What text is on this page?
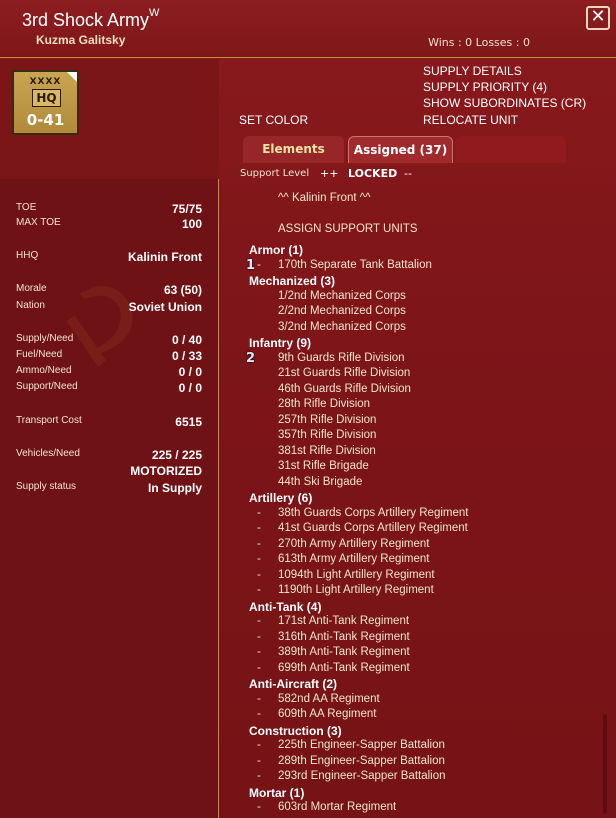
3rd Shock Army$^W$
Kuzma Galitsky	Wins : 0 Losses : 0
✕
XXXX
HQ
0-41
TOE	75/75
MAX TOE	100
HHQ	Kalinin Front
Morale	63 (50)
Nation	Soviet Union
Supply/Need	0 / 40
Fuel/Need	0 / 33
Ammo/Need	0 / 0
Support/Need	0 / 0
Transport Cost	6515
Vehicles/Need	225 / 225
MOTORIZED
Supply status	In Supply
SUPPLY DETAILS
SUPPLY PRIORITY (4)
SHOW SUBORDINATES (CR)
RELOCATE UNIT
SET COLOR
Elements	Assigned (37)
Support Level ++ LOCKED --
^^ Kalinin Front ^^
ASSIGN SUPPORT UNITS
Armor (1)
- 170th Separate Tank Battalion
Mechanized (3)
1/2nd Mechanized Corps
2/2nd Mechanized Corps
3/2nd Mechanized Corps
Infantry (9)
9th Guards Rifle Division
21st Guards Rifle Division
46th Guards Rifle Division
28th Rifle Division
257th Rifle Division
357th Rifle Division
381st Rifle Division
31st Rifle Brigade
44th Ski Brigade
Artillery (6)
- 38th Guards Corps Artillery Regiment
- 41st Guards Corps Artillery Regiment
- 270th Army Artillery Regiment
- 613th Army Artillery Regiment
- 1094th Light Artillery Regiment
- 1190th Light Artillery Regiment
Anti-Tank (4)
- 171st Anti-Tank Regiment
- 316th Anti-Tank Regiment
- 389th Anti-Tank Regiment
- 699th Anti-Tank Regiment
Anti-Aircraft (2)
- 582nd AA Regiment
- 609th AA Regiment
Construction (3)
- 225th Engineer-Sapper Battalion
- 289th Engineer-Sapper Battalion
- 293rd Engineer-Sapper Battalion
Mortar (1)
- 603rd Mortar Regiment
1
2
